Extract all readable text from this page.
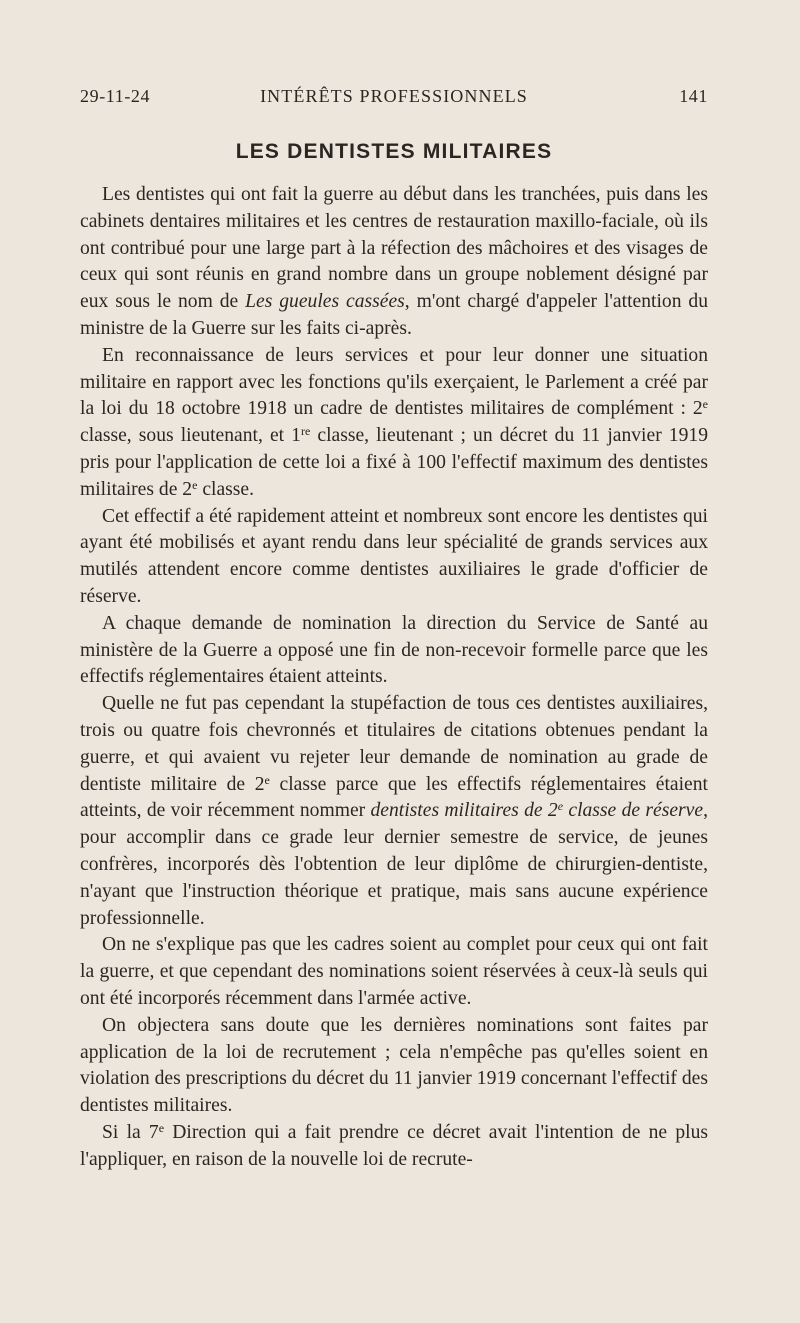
29-11-24	INTÉRÊTS PROFESSIONNELS	141
LES DENTISTES MILITAIRES

Les dentistes qui ont fait la guerre au début dans les tranchées, puis dans les cabinets dentaires militaires et les centres de restauration maxillo-faciale, où ils ont contribué pour une large part à la réfection des mâchoires et des visages de ceux qui sont réunis en grand nombre dans un groupe noblement désigné par eux sous le nom de Les gueules cassées, m'ont chargé d'appeler l'attention du ministre de la Guerre sur les faits ci-après.

En reconnaissance de leurs services et pour leur donner une situation militaire en rapport avec les fonctions qu'ils exerçaient, le Parlement a créé par la loi du 18 octobre 1918 un cadre de dentistes militaires de complément : 2e classe, sous lieutenant, et 1re classe, lieutenant ; un décret du 11 janvier 1919 pris pour l'application de cette loi a fixé à 100 l'effectif maximum des dentistes militaires de 2e classe.

Cet effectif a été rapidement atteint et nombreux sont encore les dentistes qui ayant été mobilisés et ayant rendu dans leur spécialité de grands services aux mutilés attendent encore comme dentistes auxiliaires le grade d'officier de réserve.

A chaque demande de nomination la direction du Service de Santé au ministère de la Guerre a opposé une fin de non-recevoir formelle parce que les effectifs réglementaires étaient atteints.

Quelle ne fut pas cependant la stupéfaction de tous ces dentistes auxiliaires, trois ou quatre fois chevronnés et titulaires de citations obtenues pendant la guerre, et qui avaient vu rejeter leur demande de nomination au grade de dentiste militaire de 2e classe parce que les effectifs réglementaires étaient atteints, de voir récemment nommer dentistes militaires de 2e classe de réserve, pour accomplir dans ce grade leur dernier semestre de service, de jeunes confrères, incorporés dès l'obtention de leur diplôme de chirurgien-dentiste, n'ayant que l'instruction théorique et pratique, mais sans aucune expérience professionnelle.

On ne s'explique pas que les cadres soient au complet pour ceux qui ont fait la guerre, et que cependant des nominations soient réservées à ceux-là seuls qui ont été incorporés récemment dans l'armée active.

On objectera sans doute que les dernières nominations sont faites par application de la loi de recrutement ; cela n'empêche pas qu'elles soient en violation des prescriptions du décret du 11 janvier 1919 concernant l'effectif des dentistes militaires.

Si la 7e Direction qui a fait prendre ce décret avait l'intention de ne plus l'appliquer, en raison de la nouvelle loi de recrute-
